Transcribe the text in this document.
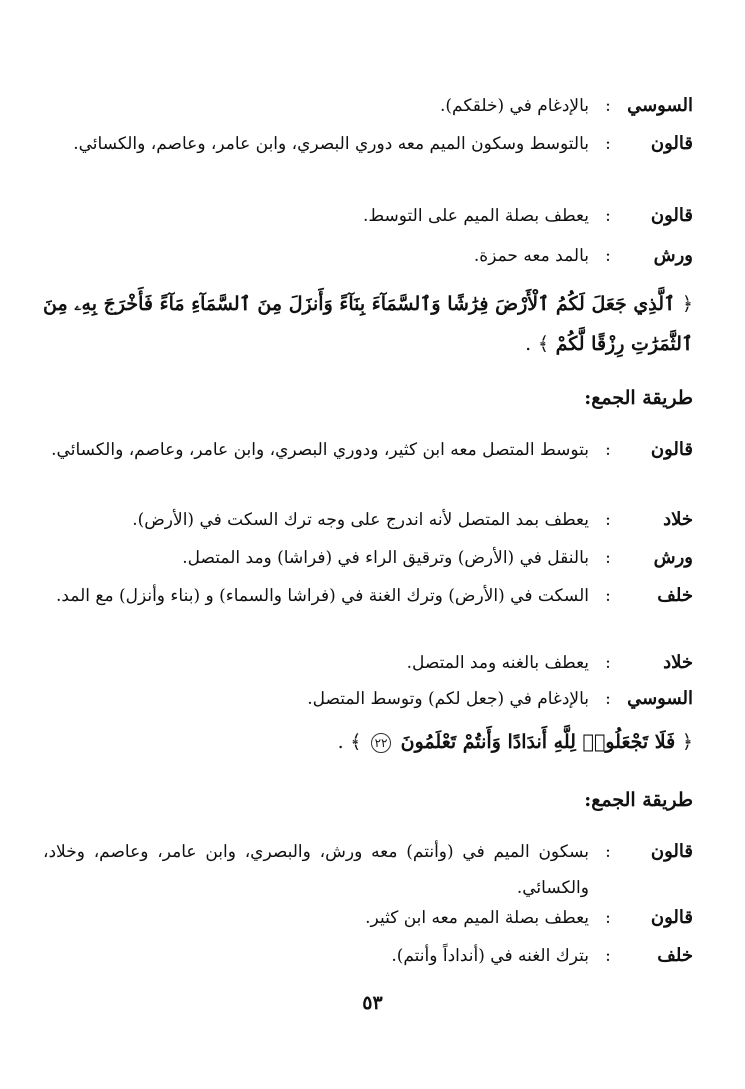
السوسي
:
بالإدغام في (خلقكم).
قالون
:
بالتوسط وسكون الميم معه دوري البصري، وابن عامر، وعاصم، والكسائي.
قالون
:
يعطف بصلة الميم على التوسط.
ورش
:
بالمد معه حمزة.
﴿ ٱلَّذِي جَعَلَ لَكُمُ ٱلْأَرْضَ فِرَٰشًا وَٱلسَّمَآءَ بِنَآءً وَأَنزَلَ مِنَ ٱلسَّمَآءِ مَآءً فَأَخْرَجَ بِهِۦ مِنَ ٱلثَّمَرَٰتِ رِزْقًا لَّكُمْ ﴾ .
طريقة الجمع:
قالون
:
بتوسط المتصل معه ابن كثير، ودوري البصري، وابن عامر، وعاصم، والكسائي.
خلاد
:
يعطف بمد المتصل لأنه اندرج على وجه ترك السكت في (الأرض).
ورش
:
بالنقل في (الأرض) وترقيق الراء في (فراشا) ومد المتصل.
خلف
:
السكت في (الأرض) وترك الغنة في (فراشا والسماء) و (بناء وأنزل) مع المد.
خلاد
:
يعطف بالغنه ومد المتصل.
السوسي
:
بالإدغام في (جعل لكم) وتوسط المتصل.
﴿ فَلَا تَجْعَلُوا۟ لِلَّهِ أَندَادًا وَأَنتُمْ تَعْلَمُونَ ٢٢ ﴾ .
طريقة الجمع:
قالون
:
بسكون الميم في (وأنتم) معه ورش، والبصري، وابن عامر، وعاصم، وخلاد، والكسائي.
قالون
:
يعطف بصلة الميم معه ابن كثير.
خلف
:
بترك الغنه في (أنداداً وأنتم).
٥٣
